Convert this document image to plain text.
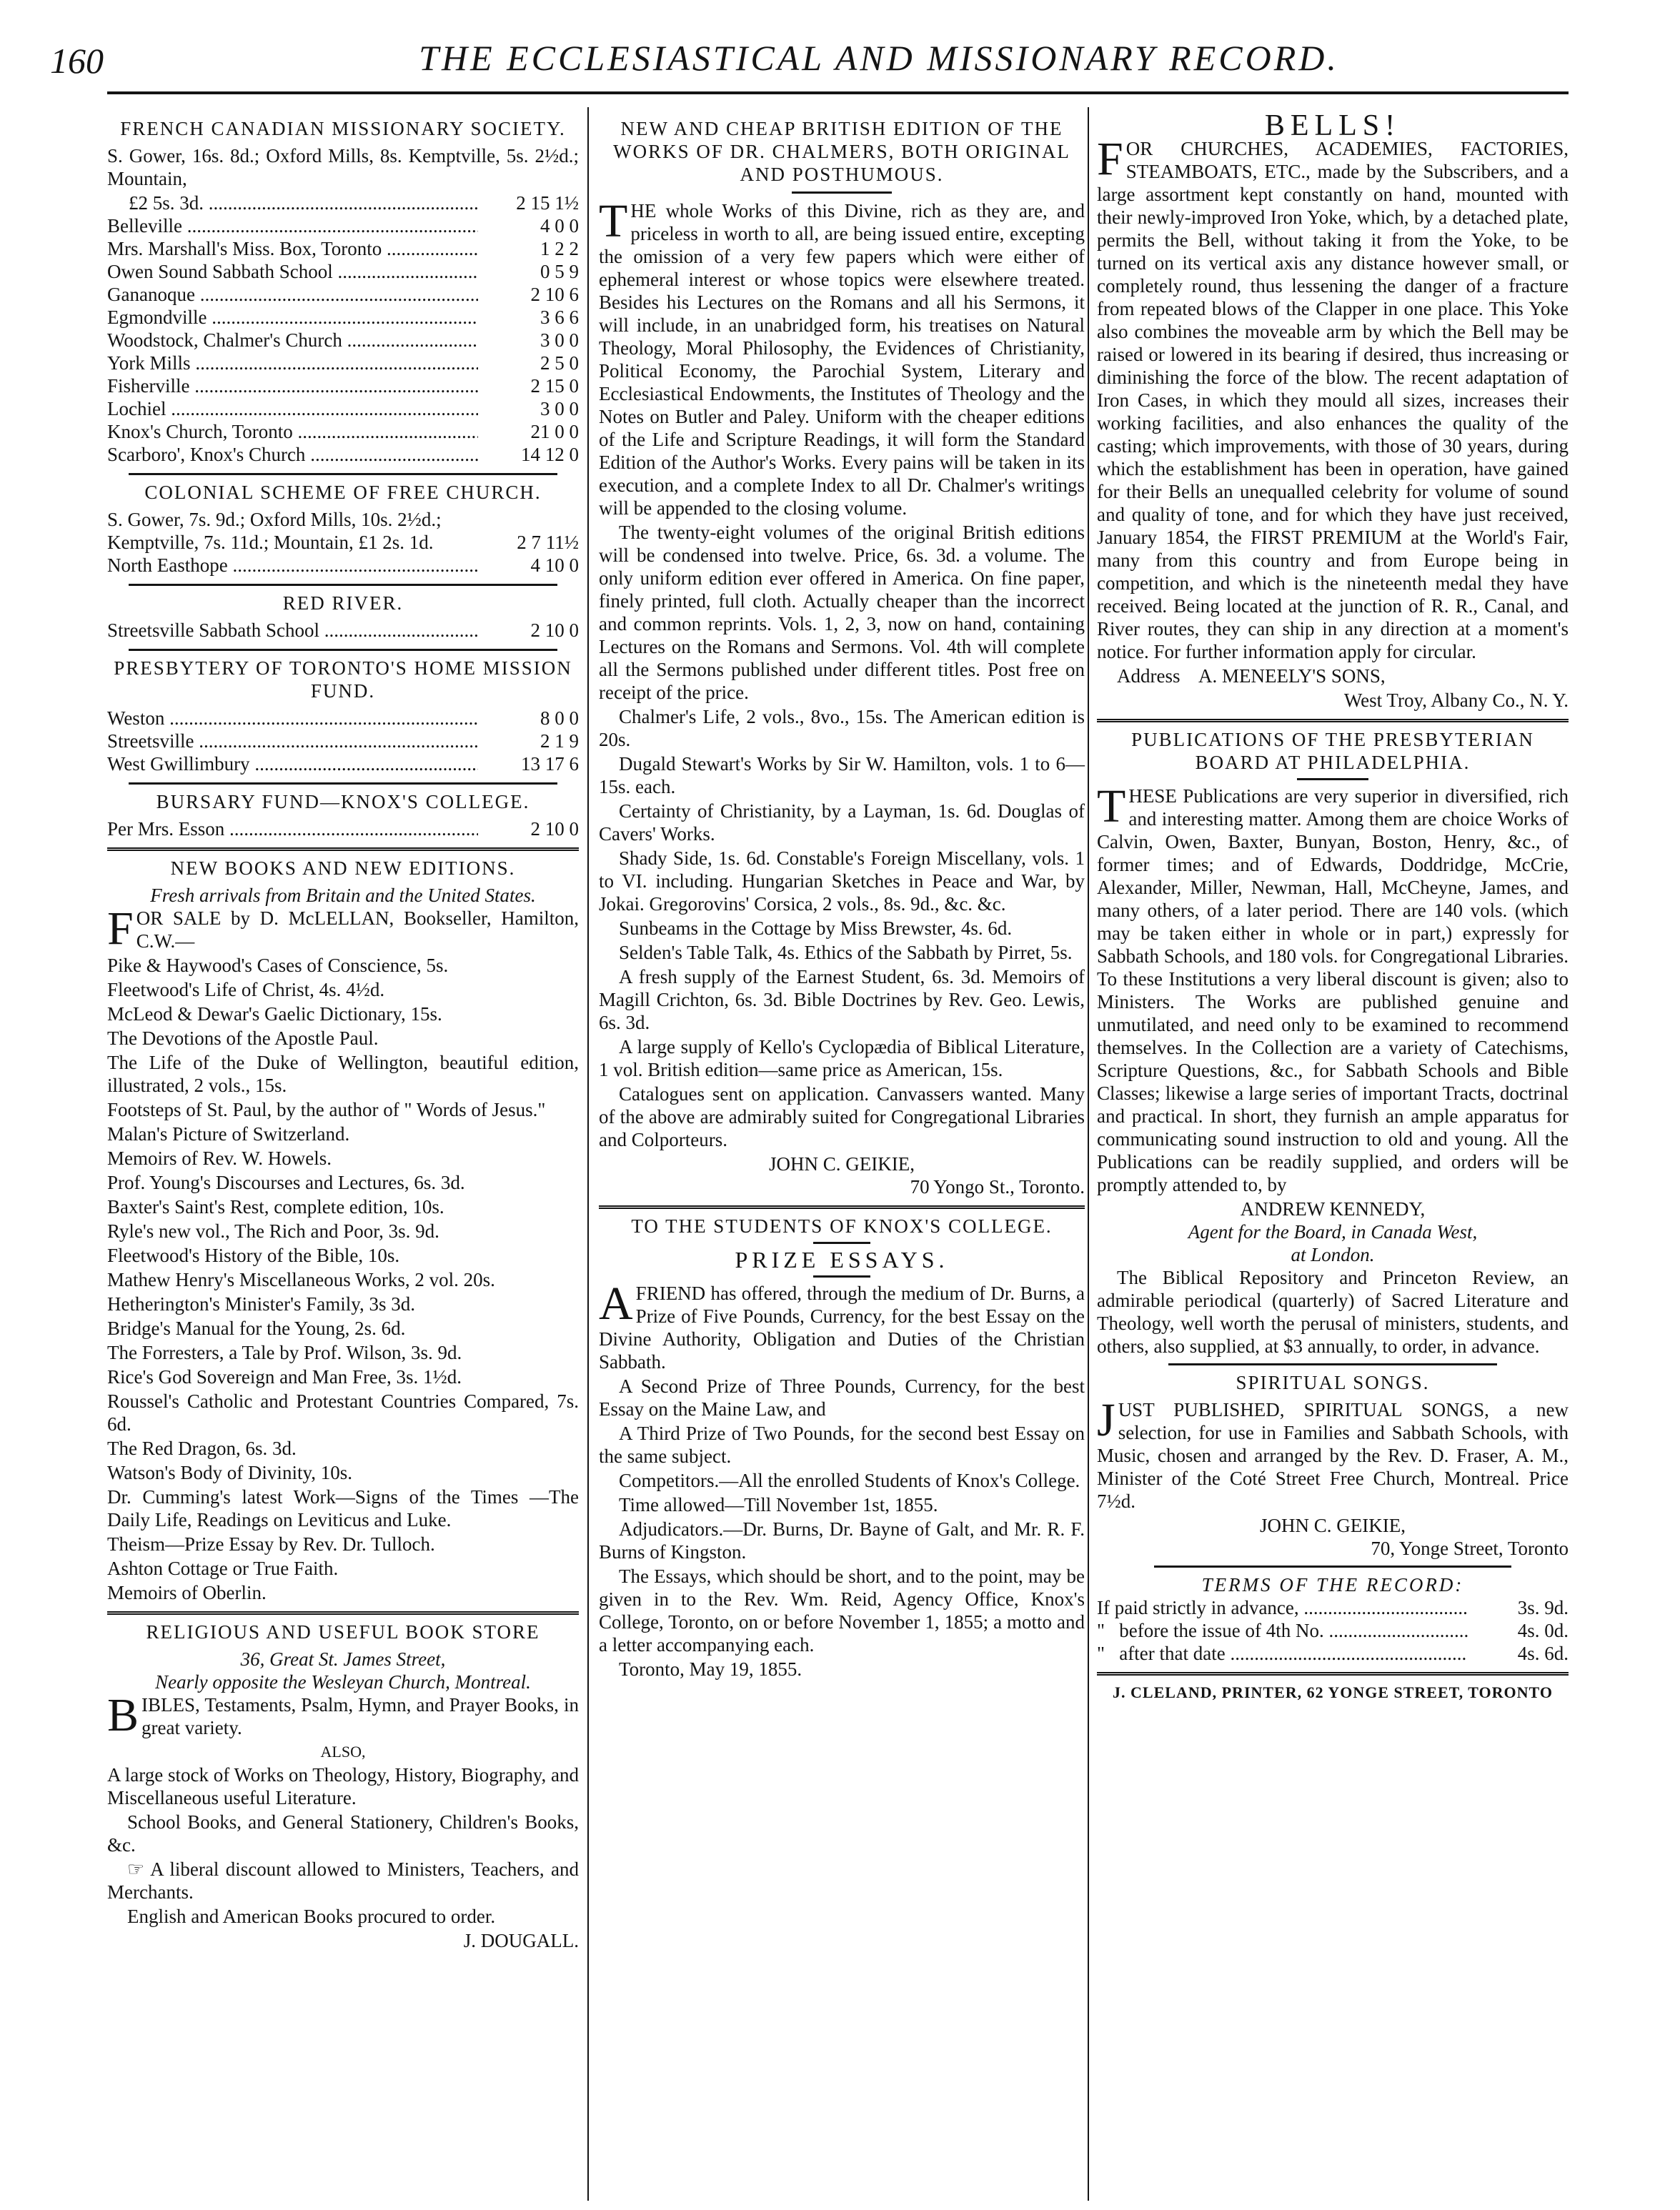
160	THE ECCLESIASTICAL AND MISSIONARY RECORD.
FRENCH CANADIAN MISSIONARY SOCIETY.
S. Gower, 16s. 8d.; Oxford Mills, 8s. Kemptville, 5s. 2½d.; Mountain,
£2 5s. 3d. .....	2 15 1½
Belleville .....	4 0 0
Mrs. Marshall's Miss. Box, Toronto .....	1 2 2
Owen Sound Sabbath School .....	0 5 9
Gananoque .....	2 10 6
Egmondville .....	3 6 6
Woodstock, Chalmer's Church .....	3 0 0
York Mills .....	2 5 0
Fisherville .....	2 15 0
Lochiel .....	3 0 0
Knox's Church, Toronto .....	21 0 0
Scarboro', Knox's Church .....	14 12 0
COLONIAL SCHEME OF FREE CHURCH.
S. Gower, 7s. 9d.; Oxford Mills, 10s. 2½d.; Kemptville, 7s. 11d.; Mountain, £1 2s. 1d.	2 7 11½
North Easthope .....	4 10 0
RED RIVER.
Streetsville Sabbath School .....	2 10 0
PRESBYTERY OF TORONTO'S HOME MISSION FUND.
Weston .....	8 0 0
Streetsville .....	2 1 9
West Gwillimbury .....	13 17 6
BURSARY FUND—KNOX'S COLLEGE.
Per Mrs. Esson .....	2 10 0
NEW BOOKS AND NEW EDITIONS.
Fresh arrivals from Britain and the United States.
FOR SALE by D. McLELLAN, Bookseller, Hamilton, C.W.—
Pike & Haywood's Cases of Conscience, 5s.
Fleetwood's Life of Christ, 4s. 4½d.
McLeod & Dewar's Gaelic Dictionary, 15s.
The Devotions of the Apostle Paul.
The Life of the Duke of Wellington, beautiful edition, illustrated, 2 vols., 15s.
Footsteps of St. Paul, by the author of " Words of Jesus."
Malan's Picture of Switzerland.
Memoirs of Rev. W. Howels.
Prof. Young's Discourses and Lectures, 6s. 3d.
Baxter's Saint's Rest, complete edition, 10s.
Ryle's new vol., The Rich and Poor, 3s. 9d.
Fleetwood's History of the Bible, 10s.
Mathew Henry's Miscellaneous Works, 2 vol. 20s.
Hetherington's Minister's Family, 3s 3d.
Bridge's Manual for the Young, 2s. 6d.
The Forresters, a Tale by Prof. Wilson, 3s. 9d.
Rice's God Sovereign and Man Free, 3s. 1½d.
Roussel's Catholic and Protestant Countries Compared, 7s. 6d.
The Red Dragon, 6s. 3d.
Watson's Body of Divinity, 10s.
Dr. Cumming's latest Work—Signs of the Times —The Daily Life, Readings on Leviticus and Luke.
Theism—Prize Essay by Rev. Dr. Tulloch.
Ashton Cottage or True Faith.
Memoirs of Oberlin.
RELIGIOUS AND USEFUL BOOK STORE
36, Great St. James Street,
Nearly opposite the Wesleyan Church, Montreal.
BIBLES, Testaments, Psalm, Hymn, and Prayer Books, in great variety.
ALSO,
A large stock of Works on Theology, History, Biography, and Miscellaneous useful Literature.
School Books, and General Stationery, Children's Books, &c.
☞ A liberal discount allowed to Ministers, Teachers, and Merchants.
English and American Books procured to order.
J. DOUGALL.
NEW AND CHEAP BRITISH EDITION OF THE WORKS OF DR. CHALMERS, BOTH ORIGINAL AND POSTHUMOUS.
THE whole Works of this Divine, rich as they are, and priceless in worth to all, are being issued entire, excepting the omission of a very few papers which were either of ephemeral interest or whose topics were elsewhere treated. Besides his Lectures on the Romans and all his Sermons, it will include, in an unabridged form, his treatises on Natural Theology, Moral Philosophy, the Evidences of Christianity, Political Economy, the Parochial System, Literary and Ecclesiastical Endowments, the Institutes of Theology and the Notes on Butler and Paley. Uniform with the cheaper editions of the Life and Scripture Readings, it will form the Standard Edition of the Author's Works. Every pains will be taken in its execution, and a complete Index to all Dr. Chalmer's writings will be appended to the closing volume.
The twenty-eight volumes of the original British editions will be condensed into twelve. Price, 6s. 3d. a volume. The only uniform edition ever offered in America. On fine paper, finely printed, full cloth. Actually cheaper than the incorrect and common reprints. Vols. 1, 2, 3, now on hand, containing Lectures on the Romans and Sermons. Vol. 4th will complete all the Sermons published under different titles. Post free on receipt of the price.
Chalmer's Life, 2 vols., 8vo., 15s. The American edition is 20s.
Dugald Stewart's Works by Sir W. Hamilton, vols. 1 to 6—15s. each.
Certainty of Christianity, by a Layman, 1s. 6d. Douglas of Cavers' Works.
Shady Side, 1s. 6d. Constable's Foreign Miscellany, vols. 1 to VI. including. Hungarian Sketches in Peace and War, by Jokai. Gregorovins' Corsica, 2 vols., 8s. 9d., &c. &c.
Sunbeams in the Cottage by Miss Brewster, 4s. 6d.
Selden's Table Talk, 4s. Ethics of the Sabbath by Pirret, 5s.
A fresh supply of the Earnest Student, 6s. 3d. Memoirs of Magill Crichton, 6s. 3d. Bible Doctrines by Rev. Geo. Lewis, 6s. 3d.
A large supply of Kello's Cyclopædia of Biblical Literature, 1 vol. British edition—same price as American, 15s.
Catalogues sent on application. Canvassers wanted. Many of the above are admirably suited for Congregational Libraries and Colporteurs.
JOHN C. GEIKIE,
70 Yongo St., Toronto.
TO THE STUDENTS OF KNOX'S COLLEGE.
PRIZE ESSAYS.
AFRIEND has offered, through the medium of Dr. Burns, a Prize of Five Pounds, Currency, for the best Essay on the Divine Authority, Obligation and Duties of the Christian Sabbath.
A Second Prize of Three Pounds, Currency, for the best Essay on the Maine Law, and
A Third Prize of Two Pounds, for the second best Essay on the same subject.
Competitors.—All the enrolled Students of Knox's College.
Time allowed—Till November 1st, 1855.
Adjudicators.—Dr. Burns, Dr. Bayne of Galt, and Mr. R. F. Burns of Kingston.
The Essays, which should be short, and to the point, may be given in to the Rev. Wm. Reid, Agency Office, Knox's College, Toronto, on or before November 1, 1855; a motto and a letter accompanying each.
Toronto, May 19, 1855.
BELLS!
FOR CHURCHES, ACADEMIES, FACTORIES, STEAMBOATS, ETC., made by the Subscribers, and a large assortment kept constantly on hand, mounted with their newly-improved Iron Yoke, which, by a detached plate, permits the Bell, without taking it from the Yoke, to be turned on its vertical axis any distance however small, or completely round, thus lessening the danger of a fracture from repeated blows of the Clapper in one place. This Yoke also combines the moveable arm by which the Bell may be raised or lowered in its bearing if desired, thus increasing or diminishing the force of the blow. The recent adaptation of Iron Cases, in which they mould all sizes, increases their working facilities, and also enhances the quality of the casting; which improvements, with those of 30 years, during which the establishment has been in operation, have gained for their Bells an unequalled celebrity for volume of sound and quality of tone, and for which they have just received, January 1854, the FIRST PREMIUM at the World's Fair, many from this country and from Europe being in competition, and which is the nineteenth medal they have received. Being located at the junction of R. R., Canal, and River routes, they can ship in any direction at a moment's notice. For further information apply for circular.
Address    A. MENEELY'S SONS,
West Troy, Albany Co., N. Y.
PUBLICATIONS OF THE PRESBYTERIAN BOARD AT PHILADELPHIA.
THESE Publications are very superior in diversified, rich and interesting matter. Among them are choice Works of Calvin, Owen, Baxter, Bunyan, Boston, Henry, &c., of former times; and of Edwards, Doddridge, McCrie, Alexander, Miller, Newman, Hall, McCheyne, James, and many others, of a later period. There are 140 vols. (which may be taken either in whole or in part,) expressly for Sabbath Schools, and 180 vols. for Congregational Libraries. To these Institutions a very liberal discount is given; also to Ministers. The Works are published genuine and unmutilated, and need only to be examined to recommend themselves. In the Collection are a variety of Catechisms, Scripture Questions, &c., for Sabbath Schools and Bible Classes; likewise a large series of important Tracts, doctrinal and practical. In short, they furnish an ample apparatus for communicating sound instruction to old and young. All the Publications can be readily supplied, and orders will be promptly attended to, by
ANDREW KENNEDY,
Agent for the Board, in Canada West,
at London.
The Biblical Repository and Princeton Review, an admirable periodical (quarterly) of Sacred Literature and Theology, well worth the perusal of ministers, students, and others, also supplied, at $3 annually, to order, in advance.
SPIRITUAL SONGS.
JUST PUBLISHED, SPIRITUAL SONGS, a new selection, for use in Families and Sabbath Schools, with Music, chosen and arranged by the Rev. D. Fraser, A. M., Minister of the Coté Street Free Church, Montreal. Price 7½d.
JOHN C. GEIKIE,
70, Yonge Street, Toronto
TERMS OF THE RECORD:
If paid strictly in advance, .....	3s. 9d.
"   before the issue of 4th No. .....	4s. 0d.
"   after that date .....	4s. 6d.
J. CLELAND, PRINTER, 62 YONGE STREET, TORONTO
